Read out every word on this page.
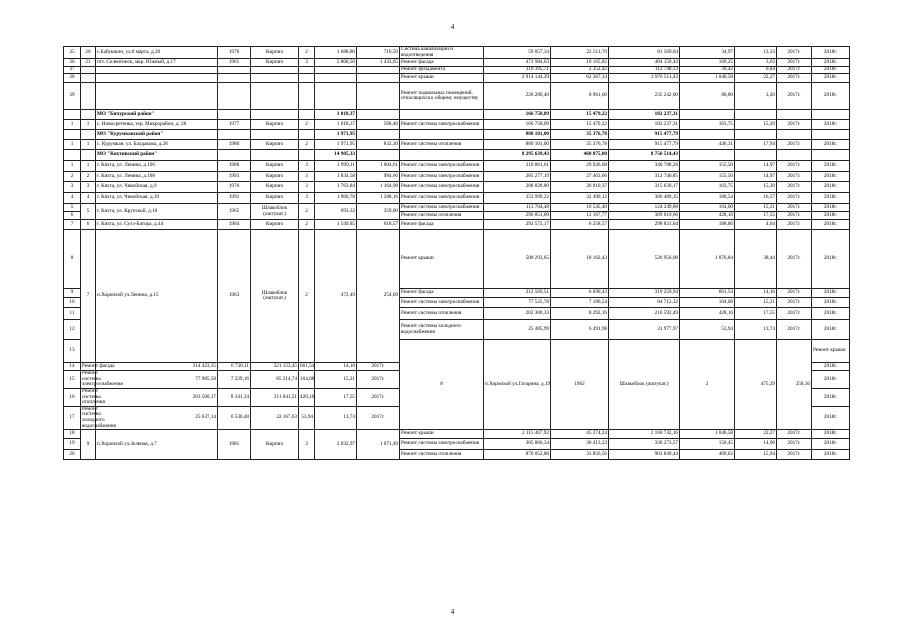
4
35	20	с.Бабушкин, ул.8 марта, д.20	1976	Кирпич	2	1 688,80	710,50	Система канализации и водоотведения	59 057,34	22 511,70	81 569,04	34,97	13,33	2017г.	2018г.	
36	21	пгт. Селенгинск, мкр. Южный, д.17	1961	Кирпич	3	2 800,50	1 433,65	Ремонт фасада	473 984,63	10 165,82	484 150,44	169,25	3,63	2017г.	2018г.	
37								Ремонт фундамента	110 395,71	2 352,42	112 748,13	39,42	0,84	2017г.	2018г.	
38								Ремонт крыши	2 914 144,29	62 367,14	2 976 511,43	1 040,58	22,27	2017г.	2018г.	
39								Ремонт подвальных помещений, относящихся к общему имуществу	226 280,40	8 961,60	235 242,00	80,80	3,20	2017г.	2018г.	
		МО "Бичурский район"				1 018,37			166 758,09	15 479,22	182 237,31					
1	1	с. Новосретенка, тер. Микрорайон, д. 28	1977	Кирпич	2	1 018,37	568,40	Ремонт системы электроснабжения	166 758,09	15 479,22	182 237,31	163,75	15,20	2017г.	2018г.	
		МО "Курумканский район"				1 971,95			880 101,00	35 376,78	915 477,79					
1	1	с. Курумкан, ул. Балдакова, д.28	1980	Кирпич	2	1 971,95	832,30	Ремонт системы отопления	880 101,00	35 376,78	915 477,79	446,31	17,94	2017г.	2018г.	
		МО "Кяхтинский район"				14 905,33			8 295 639,43	460 875,00	8 756 514,43					
1	1	г. Кяхта, ул. Ленина, д.106	1988	Кирпич	3	1 999,11	1 004,61	Ремонт системы электроснабжения	310 861,61	29 926,68	340 788,28	155,50	14,97	2017г.	2018г.	
2	2	г. Кяхта, ул. Ленина, д.108	1993	Кирпич	3	1 834,58	984,66	Ремонт системы электроснабжения	285 277,19	27 463,66	312 740,85	155,50	14,97	2017г.	2018г.	
3	3	г. Кяхта, ул. Чикойская, д.9	1976	Кирпич	3	1 763,84	1 164,98	Ремонт системы электроснабжения	288 828,80	26 810,37	315 639,17	163,75	15,20	2017г.	2018г.	
4	4	г. Кяхта, ул. Чикойская, д.10	1992	Кирпич	3	1 960,78	1 288,16	Ремонт системы электроснабжения	353 999,22	32 490,12	386 489,35	180,54	16,57	2017г.	2018г.	
5	5	г. Кяхта, ул. Крупской, д.10	1965	Шлакоблок (оштукат.)	2	693,32	359,00	Ремонт системы электроснабжения	113 704,48	10 545,40	124 249,88	164,00	15,21	2017г.	2018г.	
6								Ремонт системы отопления	296 851,89	12 167,77	309 019,66	428,16	17,55	2017г.	2018г.	
7	6	г. Кяхта, ул. Сухэ-Батора, д.44	1964	Кирпич	2	1 549,85	618,57	Ремонт фасада	292 572,17	6 258,57	298 831,04	188,86	4,04	2017г.	2018г.	
8	7	п.Хоронхой ул.Ленина, д.15	1963	Шлакоблок (оштукат.)	2	472,49	254,69	Ремонт крыши	508 293,65	18 162,43	526 956,08	1 076,84	38,44	2017г.	2018г.	
9								Ремонт фасада	312 569,51	6 690,43	319 259,94	661,54	14,16	2017г.	2018г.	
10								Ремонт системы электроснабжения	77 525,78	7 186,54	84 712,32	164,08	15,21	2017г.	2018г.	
11								Ремонт системы отопления	202 300,33	8 292,16	210 592,49	428,16	17,55	2017г.	2018г.	
12								Ремонт системы холодного водоснабжения	25 485,99	6 491,98	31 977,97	53,94	13,74	2017г.	2018г.	
13								8	п.Хоронхой ул.Гагарина, д.19	1962	Шлакоблок (оштукат.)	2	475,29	258,36	Ремонт крыши							
14	Ремонт фасада	314 423,35	6 730,11	321 153,45	661,54	14,16	2017г.								2018г.	
15	Ремонт системы электроснабжения	77 985,58	7 229,16	85 214,74	164,08	15,21	2017г.								2018г.	
16	Ремонт системы отопления	203 500,17	8 341,34	211 841,51	428,16	17,55	2017г.								2018г.	
17	Ремонт системы холодного водоснабжения	25 637,14	6 530,48	32 167,63	53,94	13,74	2017г.								2018г.	
18	9	п.Хоронхой ул.Зеленая, д.7	1981	Кирпич	3	2 032,97	1 071,49	Ремонт крыши	2 115 467,92	45 274,24	2 160 742,16	1 040,58	22,27	2017г.	2018г.	
19								Ремонт системы электроснабжения	305 860,34	30 413,23	336 273,57	150,45	14,96	2017г.	2018г.	
20								Ремонт системы отопления	870 052,88	33 856,56	903 849,44	409,62	15,94	2017г.	2018г.	
4
